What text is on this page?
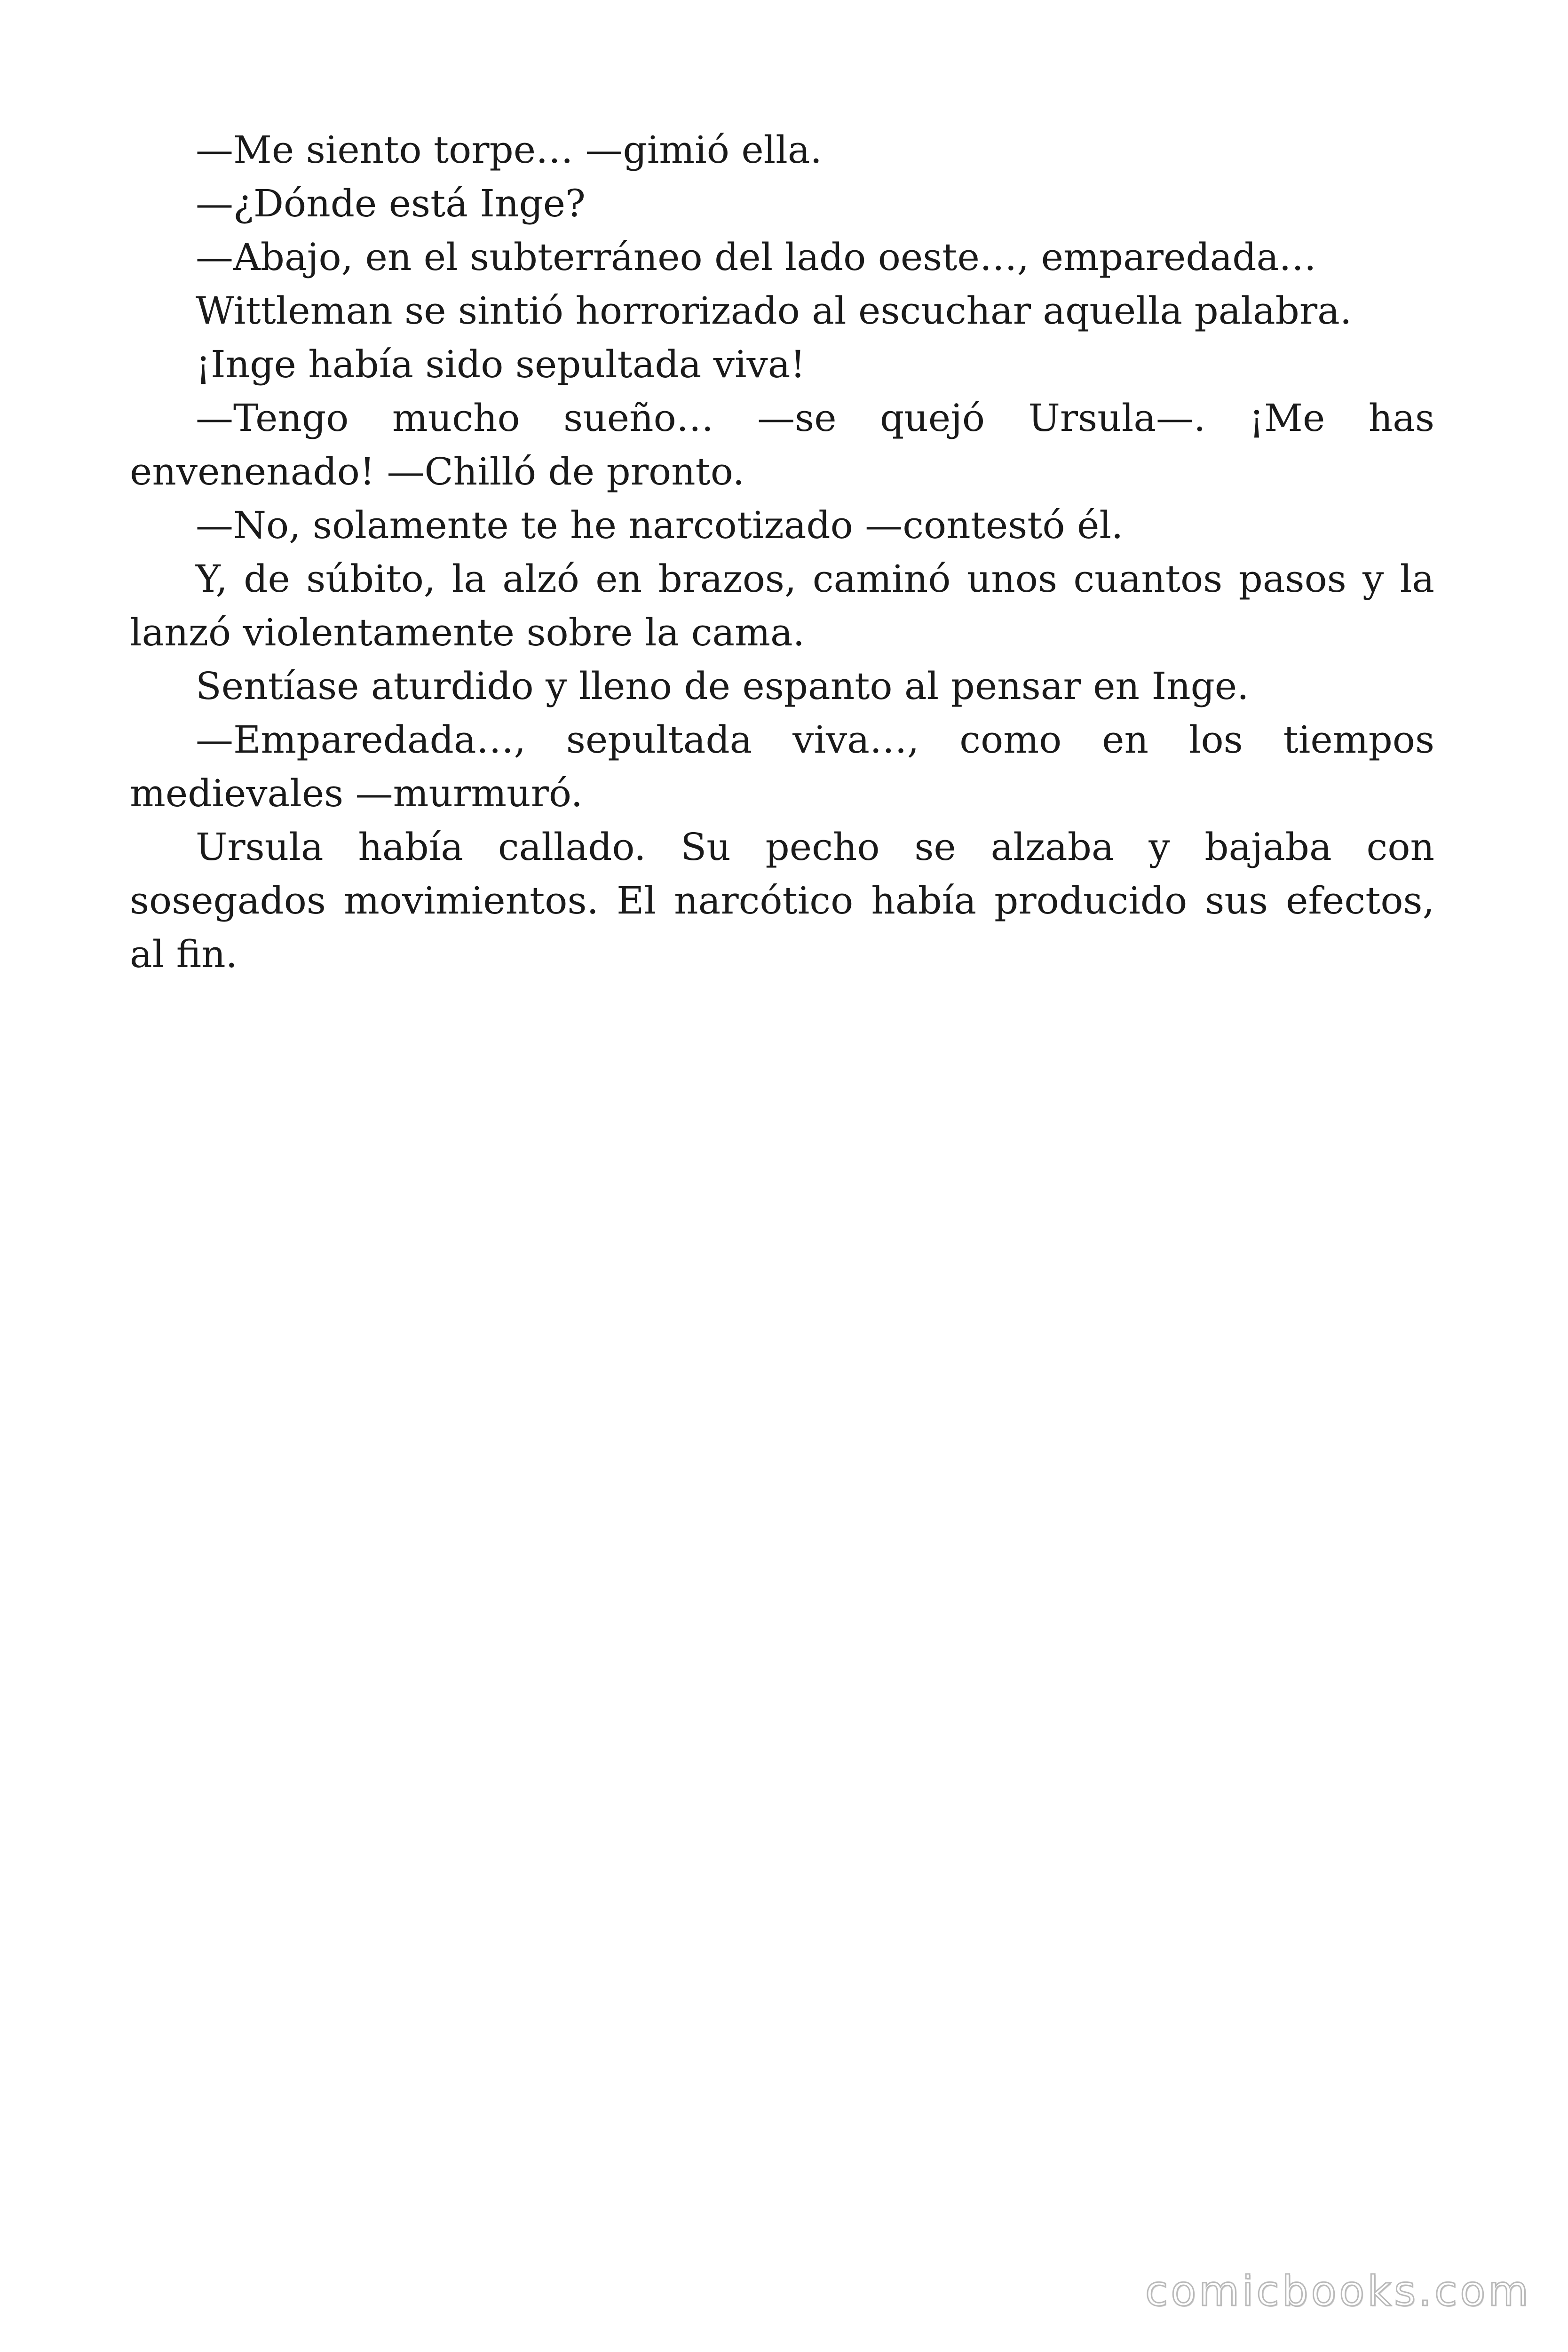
—Me siento torpe… —gimió ella.

—¿Dónde está Inge?

—Abajo, en el subterráneo del lado oeste…, emparedada…

Wittleman se sintió horrorizado al escuchar aquella palabra.

¡Inge había sido sepultada viva!

—Tengo mucho sueño… —se quejó Ursula—. ¡Me has envenenado! —Chilló de pronto.

—No, solamente te he narcotizado —contestó él.

Y, de súbito, la alzó en brazos, caminó unos cuantos pasos y la lanzó violentamente sobre la cama.

Sentíase aturdido y lleno de espanto al pensar en Inge.

—Emparedada…, sepultada viva…, como en los tiempos medievales —murmuró.

Ursula había callado. Su pecho se alzaba y bajaba con sosegados movimientos. El narcótico había producido sus efectos, al fin.

comicbooks.com
